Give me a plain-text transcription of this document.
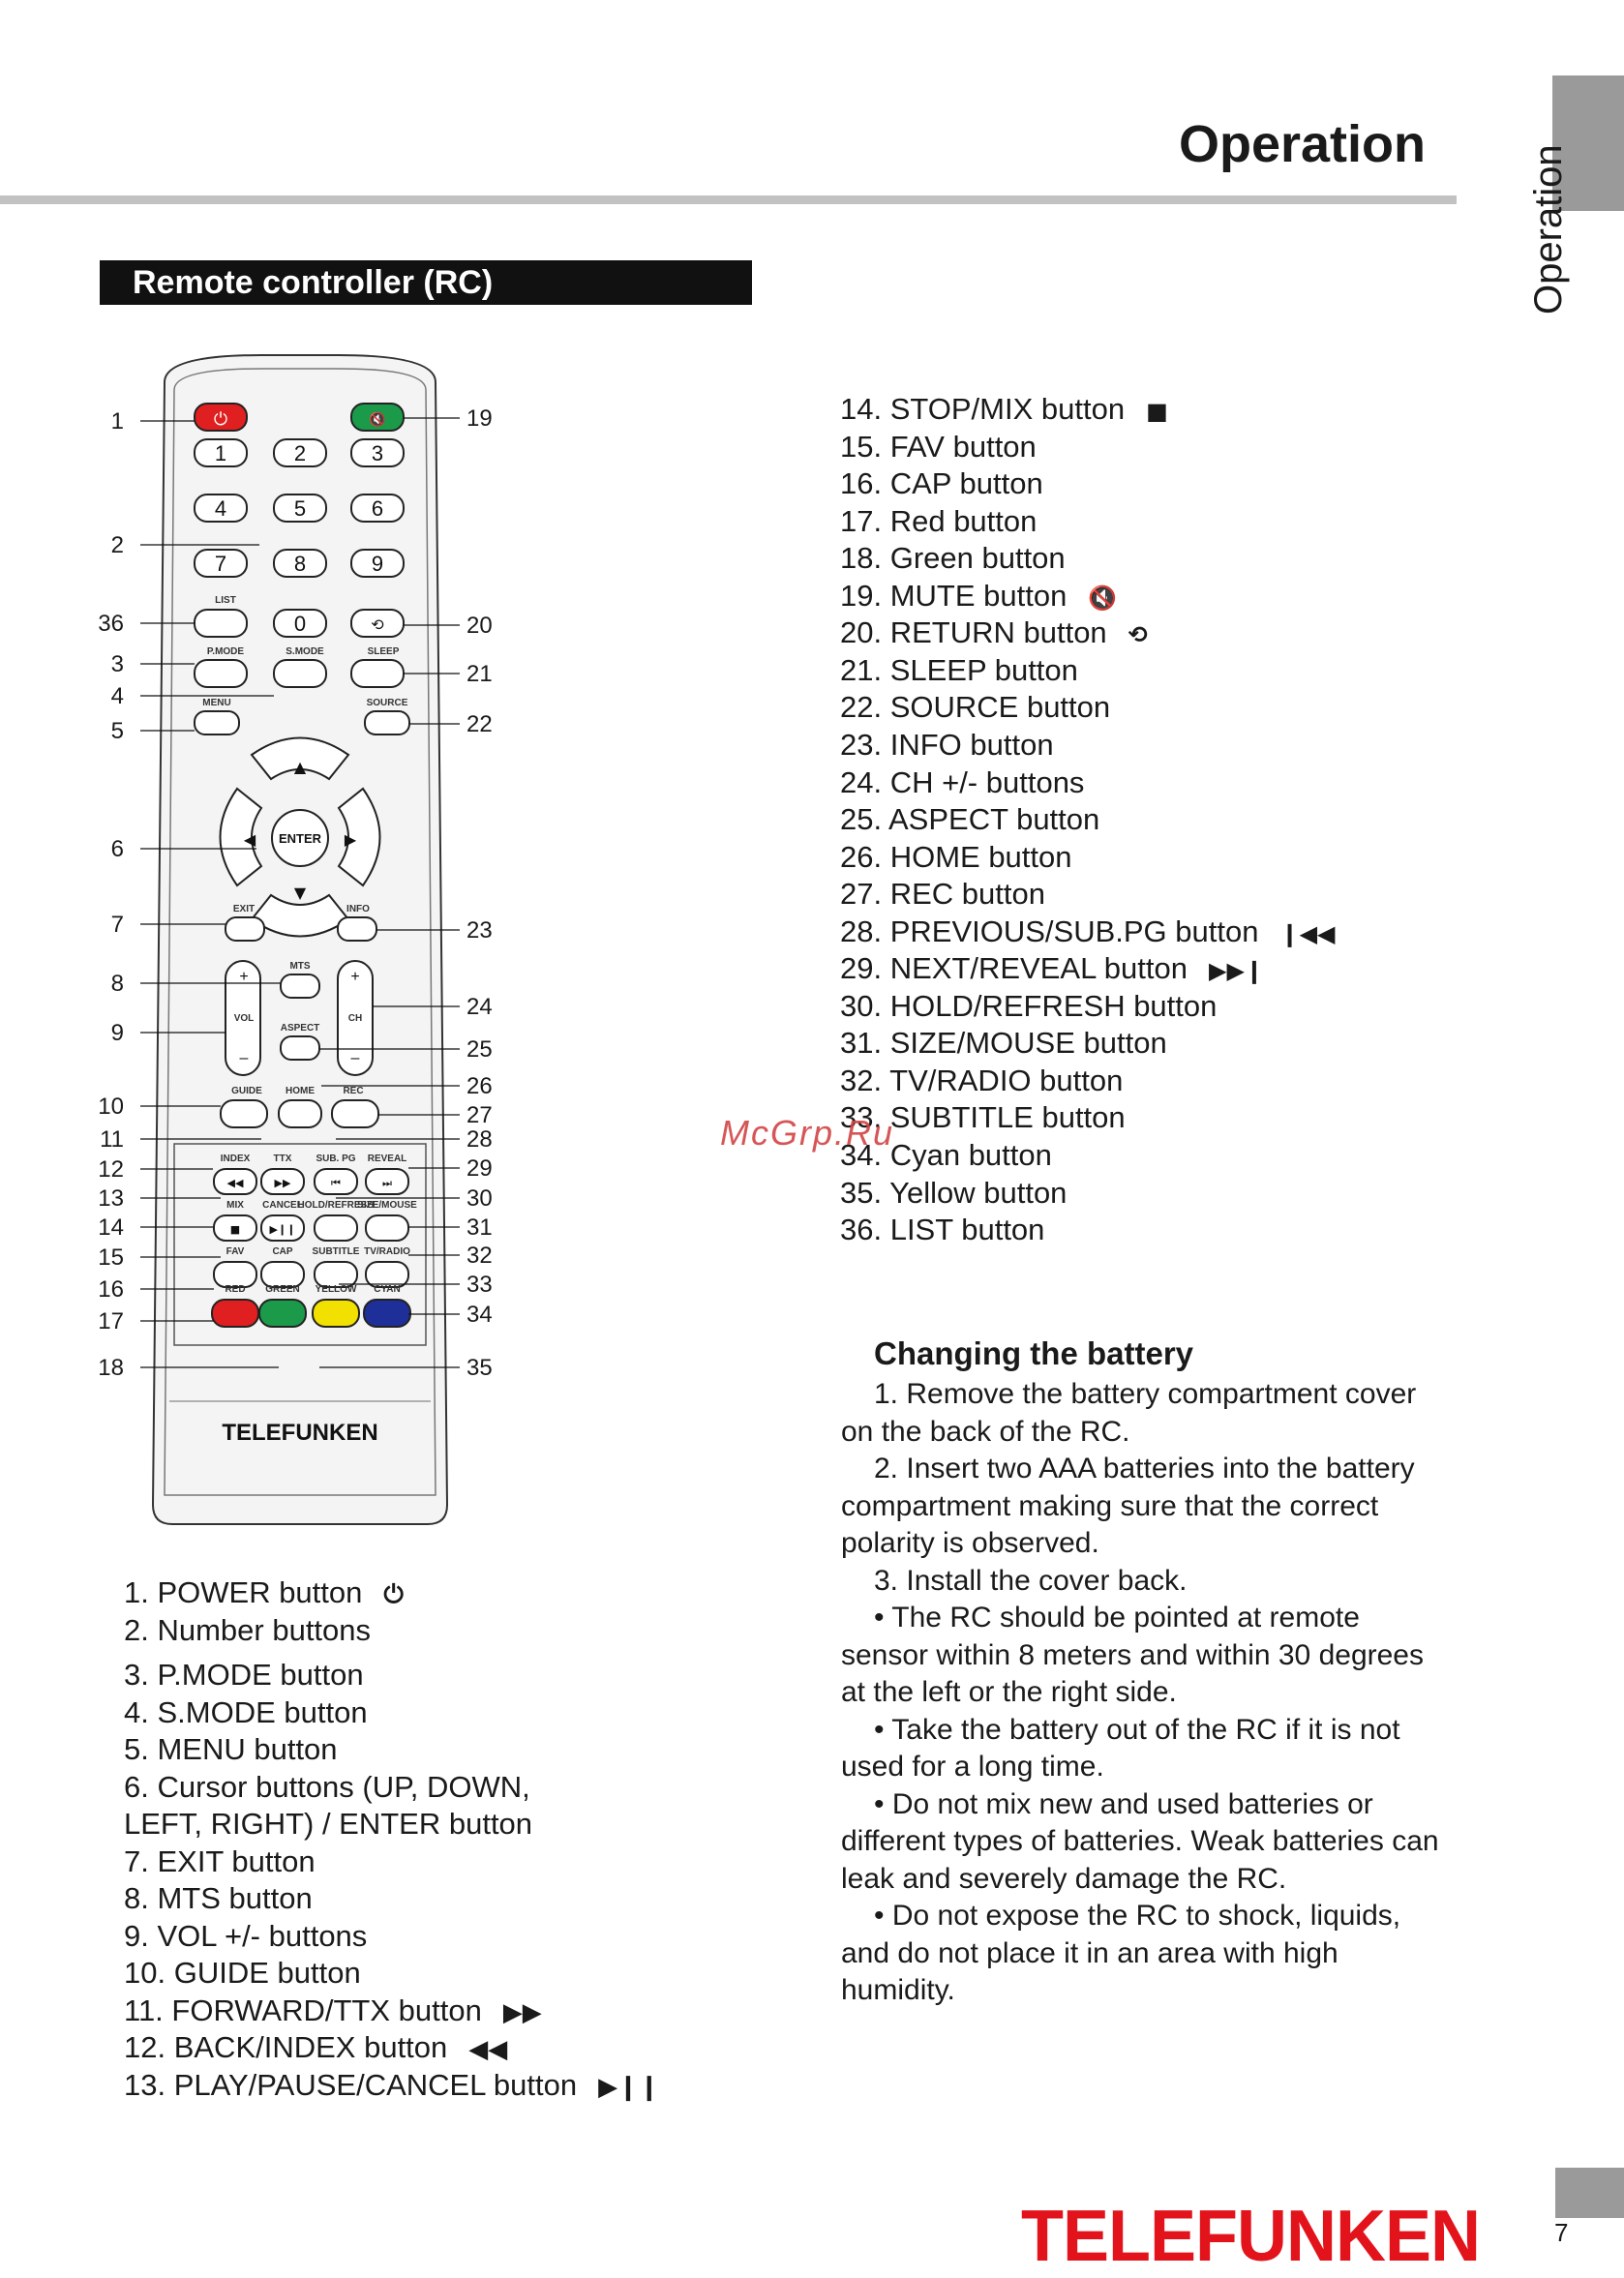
Operation
Operation
Remote controller (RC)
⏻	🔇
1	2	3
4	5	6
7	8	9
LIST
P.MODE	S.MODE	SLEEP
MENU	SOURCE
0	⟲
▲
▼
◀	▶
ENTER
EXIT	INFO
+
VOL
–
+
CH
–
MTS
ASPECT
GUIDE HOME	REC
INDEX
◀◀
TTX
▶▶
SUB. PG
⏮
REVEAL
⏭
MIX
■
CANCEL
▶❙❙
HOLD/REFRESH
SIZE/MOUSE
FAV	CAP SUBTITLE TV/RADIO
RED GREEN YELLOW CYAN
TELEFUNKEN
1
2
36
3
4
5
6
7
8
9
10
11
12
13
14
15
16
17
18
19
20
21
22
23
24
25
26
27
28
29
30
31
32
33
34
35
1. POWER button ⏻
2. Number buttons
3. P.MODE button
4. S.MODE button
5. MENU button
6. Cursor buttons (UP, DOWN,
LEFT, RIGHT) / ENTER button
7. EXIT button
8. MTS button
9. VOL +/- buttons
10. GUIDE button
11. FORWARD/TTX button ▶▶
12. BACK/INDEX button ◀◀
13. PLAY/PAUSE/CANCEL button ▶❙❙
14. STOP/MIX button ■
15. FAV button
16. CAP button
17. Red button
18. Green button
19. MUTE button 🔇
20. RETURN button ⟲
21. SLEEP button
22. SOURCE button
23. INFO button
24. CH +/- buttons
25. ASPECT button
26. HOME button
27. REC button
28. PREVIOUS/SUB.PG button ❙◀◀
29. NEXT/REVEAL button ▶▶❙
30. HOLD/REFRESH button
31. SIZE/MOUSE button
32. TV/RADIO button
33. SUBTITLE button
34. Cyan button
35. Yellow button
36. LIST button
McGrp.Ru
Changing the battery
1. Remove the battery compartment cover
on the back of the RC.
2. Insert two AAA batteries into the battery
compartment making sure that the correct
polarity is observed.
3. Install the cover back.
• The RC should be pointed at remote
sensor within 8 meters and within 30 degrees
at the left or the right side.
• Take the battery out of the RC if it is not
used for a long time.
• Do not mix new and used batteries or
different types of batteries. Weak batteries can
leak and severely damage the RC.
• Do not expose the RC to shock, liquids,
and do not place it in an area with high
humidity.
TELEFUNKEN	7
